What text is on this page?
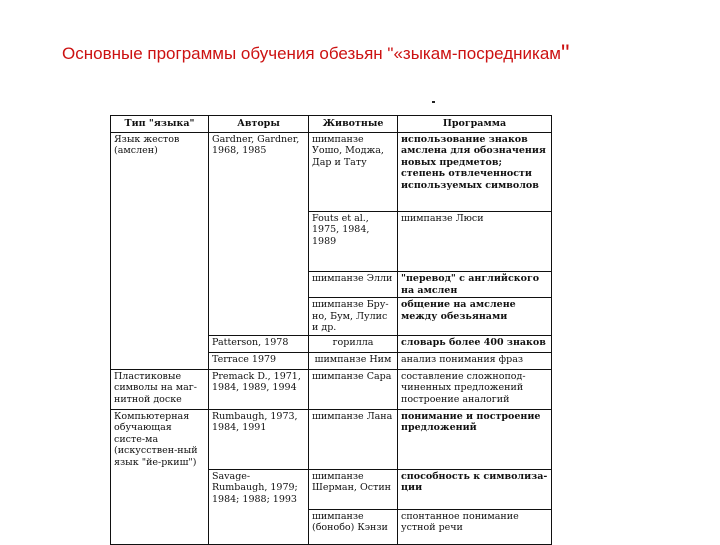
Основные программы обучения обезьян "«зыкам-посредникам"
Тип "языка"	Авторы	Животные	Программа	
Язык жестов (амслен)	Gardner, Gardner, 1968, 1985	шимпанзе Уошо, Моджа, Дар и Тату	использование знаков амслена для обозначения новых предметов; степень отвлеченности используемых символов	
		Fouts et al., 1975, 1984, 1989	шимпанзе Люси	
		шимпанзе Элли	"перевод" с английского на амслен	
		шимпанзе Бру-но, Бум, Лулис и др.	общение на амслене между обезьянами	
	Patterson, 1978	горилла	словарь более 400 знаков	
	Terrace 1979	шимпанзе Ним	анализ понимания фраз	
Пластиковые символы на маг-нитной доске	Premack D., 1971, 1984, 1989, 1994	шимпанзе Сара	составление сложнопод-чиненных предложений построение аналогий	
Компьютерная обучающая систе-ма (искусствен-ный язык "йе-ркиш")	Rumbaugh, 1973, 1984, 1991	шимпанзе Лана	понимание и построение предложений	
	Savage-Rumbaugh, 1979; 1984; 1988; 1993	шимпанзе Шерман, Остин	способность к символиза-ции	
		шимпанзе (бонобо) Кэнзи	спонтанное понимание устной речи	
